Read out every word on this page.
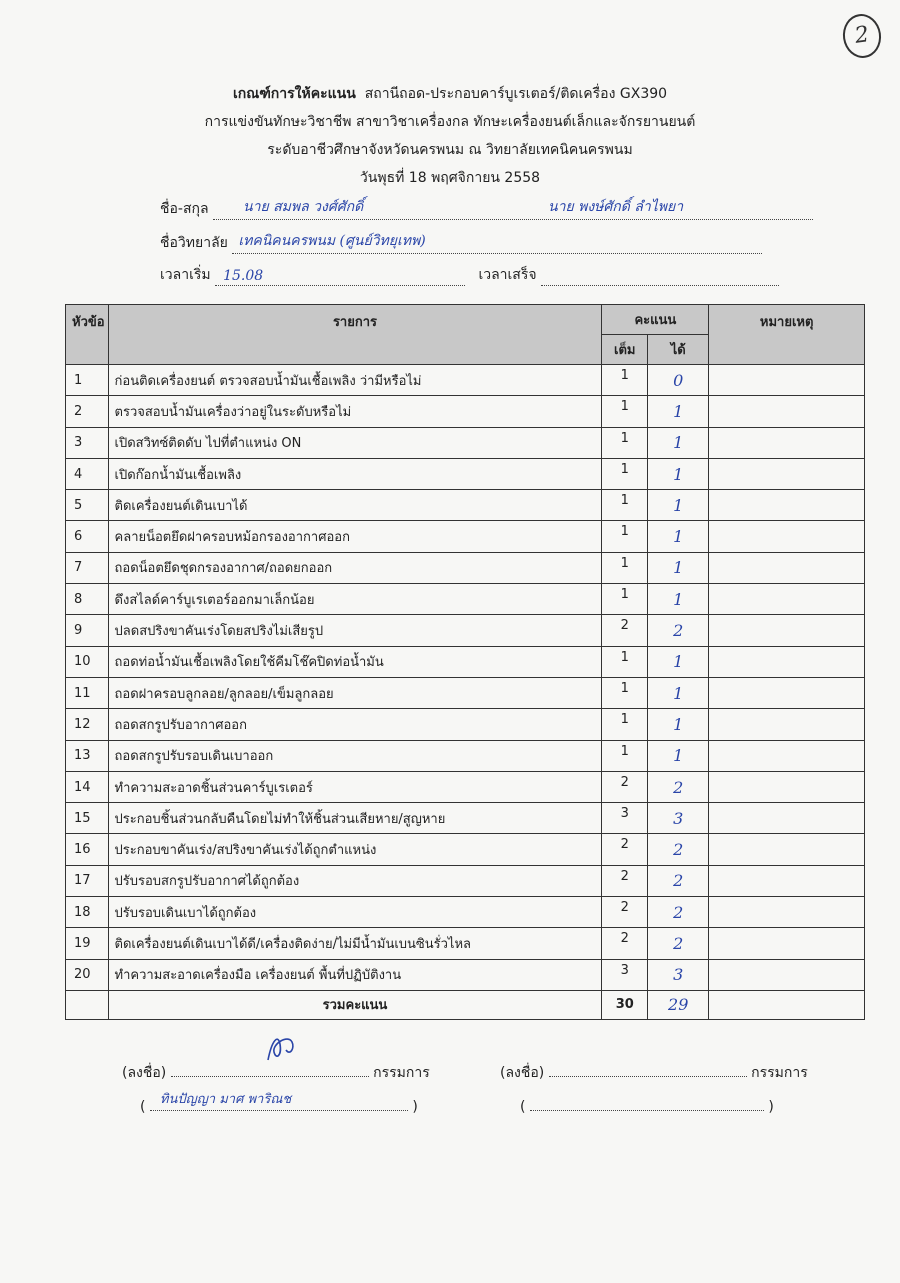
2
เกณฑ์การให้คะแนน สถานีถอด-ประกอบคาร์บูเรเตอร์/ติดเครื่อง GX390
การแข่งขันทักษะวิชาชีพ สาขาวิชาเครื่องกล ทักษะเครื่องยนต์เล็กและจักรยานยนต์
ระดับอาชีวศึกษาจังหวัดนครพนม ณ วิทยาลัยเทคนิคนครพนม
วันพุธที่ 18 พฤศจิกายน 2558
ชื่อ-สกุล นาย สมพล วงศ์ศักดิ์	นาย พงษ์ศักดิ์ ลำไพยา
ชื่อวิทยาลัย เทคนิคนครพนม (ศูนย์วิทยุเทพ)
เวลาเริ่ม 15.08	เวลาเสร็จ
หัวข้อ	รายการ	คะแนน		หมายเหตุ
		เต็ม	ได้	
1	ก่อนติดเครื่องยนต์ ตรวจสอบน้ำมันเชื้อเพลิง ว่ามีหรือไม่	1	0	
2	ตรวจสอบน้ำมันเครื่องว่าอยู่ในระดับหรือไม่	1	1	
3	เปิดสวิทซ์ติดดับ ไปที่ตำแหน่ง ON	1	1	
4	เปิดก๊อกน้ำมันเชื้อเพลิง	1	1	
5	ติดเครื่องยนต์เดินเบาได้	1	1	
6	คลายน็อตยึดฝาครอบหม้อกรองอากาศออก	1	1	
7	ถอดน็อตยึดชุดกรองอากาศ/ถอดยกออก	1	1	
8	ดึงสไลด์คาร์บูเรเตอร์ออกมาเล็กน้อย	1	1	
9	ปลดสปริงขาคันเร่งโดยสปริงไม่เสียรูป	2	2	
10	ถอดท่อน้ำมันเชื้อเพลิงโดยใช้คีมโช๊คปิดท่อน้ำมัน	1	1	
11	ถอดฝาครอบลูกลอย/ลูกลอย/เข็มลูกลอย	1	1	
12	ถอดสกรูปรับอากาศออก	1	1	
13	ถอดสกรูปรับรอบเดินเบาออก	1	1	
14	ทำความสะอาดชิ้นส่วนคาร์บูเรเตอร์	2	2	
15	ประกอบชิ้นส่วนกลับคืนโดยไม่ทำให้ชิ้นส่วนเสียหาย/สูญหาย	3	3	
16	ประกอบขาคันเร่ง/สปริงขาคันเร่งได้ถูกตำแหน่ง	2	2	
17	ปรับรอบสกรูปรับอากาศได้ถูกต้อง	2	2	
18	ปรับรอบเดินเบาได้ถูกต้อง	2	2	
19	ติดเครื่องยนต์เดินเบาได้ดี/เครื่องติดง่าย/ไม่มีน้ำมันเบนซินรั่วไหล	2	2	
20	ทำความสะอาดเครื่องมือ เครื่องยนต์ พื้นที่ปฏิบัติงาน	3	3	
	รวมคะแนน	30	29	
(ลงชื่อ)	กรรมการ
( ทินปัญญา มาศ พาริณช	)
(ลงชื่อ)	กรรมการ
(	)
